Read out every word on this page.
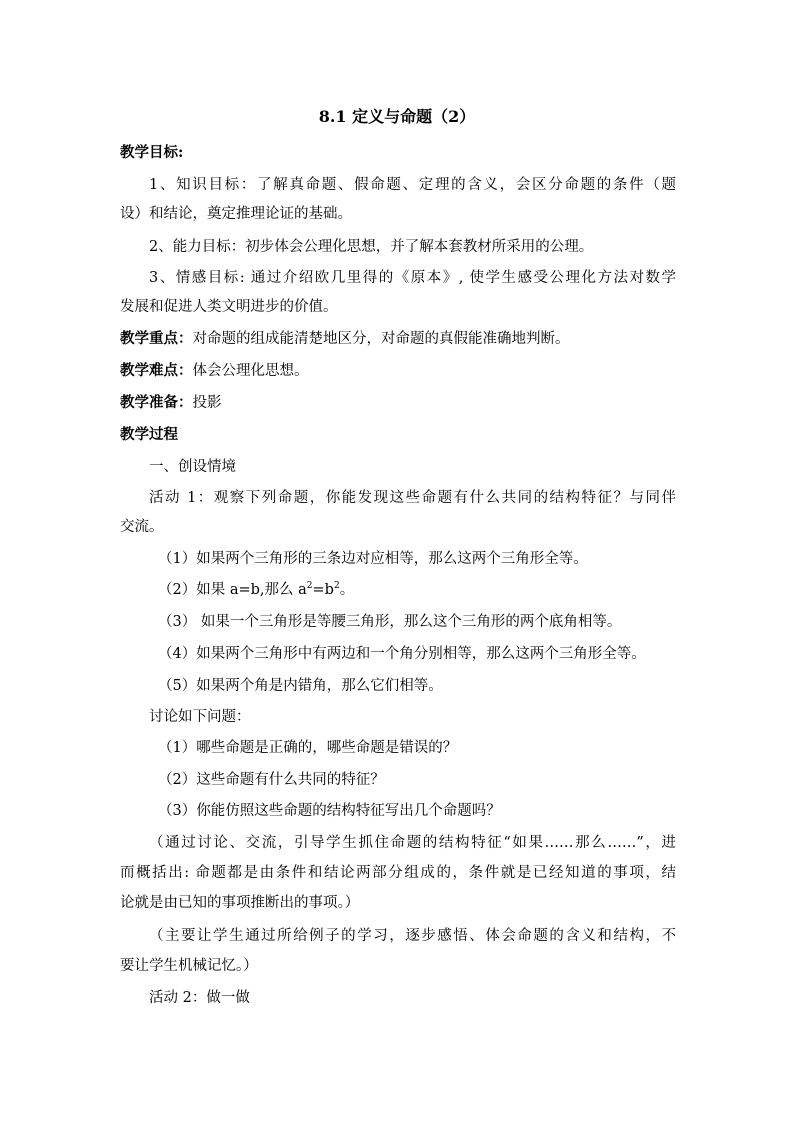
8.1 定义与命题（2）
教学目标:
1、知识目标：了解真命题、假命题、定理的含义，会区分命题的条件（题
设）和结论，奠定推理论证的基础。
2、能力目标：初步体会公理化思想，并了解本套教材所采用的公理。
3、情感目标: 通过介绍欧几里得的《原本》, 使学生感受公理化方法对数学
发展和促进人类文明进步的价值。
教学重点：对命题的组成能清楚地区分，对命题的真假能准确地判断。
教学难点：体会公理化思想。
教学准备：投影
教学过程
一、创设情境
活动 1：观察下列命题，你能发现这些命题有什么共同的结构特征？与同伴
交流。
（1）如果两个三角形的三条边对应相等，那么这两个三角形全等。
（2）如果 a=b,那么 $a^2=b^2$。
（3） 如果一个三角形是等腰三角形，那么这个三角形的两个底角相等。
（4）如果两个三角形中有两边和一个角分别相等，那么这两个三角形全等。
（5）如果两个角是内错角，那么它们相等。
讨论如下问题：
（1）哪些命题是正确的，哪些命题是错误的？
（2）这些命题有什么共同的特征？
（3）你能仿照这些命题的结构特征写出几个命题吗？
（通过讨论、交流，引导学生抓住命题的结构特征“如果……那么……”，进
而概括出: 命题都是由条件和结论两部分组成的，条件就是已经知道的事项，结
论就是由已知的事项推断出的事项。）
（主要让学生通过所给例子的学习，逐步感悟、体会命题的含义和结构，不
要让学生机械记忆。）
活动 2：做一做
